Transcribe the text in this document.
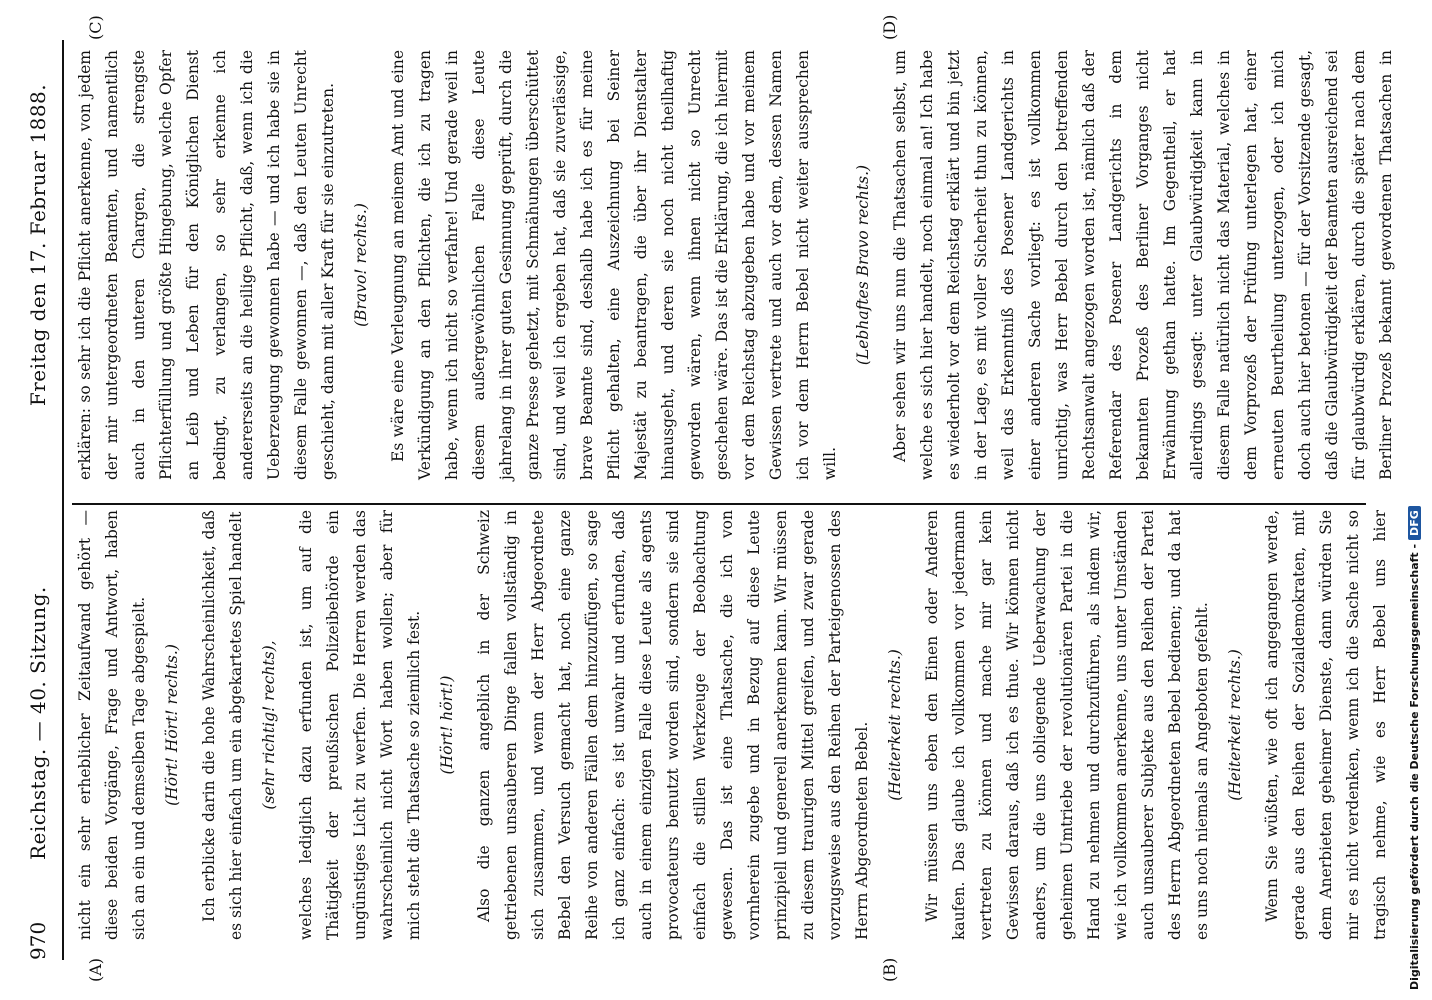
970
Reichstag. — 40. Sitzung.
Freitag den 17. Februar 1888.
(A)	(B)
(C)	(D)

nicht ein sehr erheblicher Zeitaufwand gehört — diese beiden Vorgänge, Frage und Antwort, haben sich an ein und demselben Tage abgespielt. (Hört! Hört! rechts.)	Ich erblicke darin die hohe Wahrscheinlichkeit, daß es sich hier einfach um ein abgekartetes Spiel handelt (sehr richtig! rechts),	welches lediglich dazu erfunden ist, um auf die Thätigkeit der preußischen Polizeibehörde ein ungünstiges Licht zu werfen. Die Herren werden das wahrscheinlich nicht Wort haben wollen; aber für mich steht die Thatsache so ziemlich fest. (Hört! hört!)	Also die ganzen angeblich in der Schweiz getriebenen unsauberen Dinge fallen vollständig in sich zusammen, und wenn der Herr Abgeordnete Bebel den Versuch gemacht hat, noch eine ganze Reihe von anderen Fällen dem hinzuzufügen, so sage ich ganz einfach: es ist unwahr und erfunden, daß auch in einem einzigen Falle diese Leute als agents provocateurs benutzt worden sind, sondern sie sind einfach die stillen Werkzeuge der Beobachtung gewesen. Das ist eine Thatsache, die ich von vornherein zugebe und in Bezug auf diese Leute prinzipiell und generell anerkennen kann. Wir müssen zu diesem traurigen Mittel greifen, und zwar gerade vorzugsweise aus den Reihen der Parteigenossen des Herrn Abgeordneten Bebel. (Heiterkeit rechts.)	Wir müssen uns eben den Einen oder Anderen kaufen. Das glaube ich vollkommen vor jedermann vertreten zu können und mache mir gar kein Gewissen daraus, daß ich es thue. Wir können nicht anders, um die uns obliegende Ueberwachung der geheimen Umtriebe der revolutionären Partei in die Hand zu nehmen und durchzuführen, als indem wir, wie ich vollkommen anerkenne, uns unter Umständen auch unsauberer Subjekte aus den Reihen der Partei des Herrn Abgeordneten Bebel bedienen; und da hat es uns noch niemals an Angeboten gefehlt. (Heiterkeit rechts.)

Wenn Sie wüßten, wie oft ich angegangen werde, gerade aus den Reihen der Sozialdemokraten, mit dem Anerbieten geheimer Dienste, dann würden Sie mir es nicht verdenken, wenn ich die Sache nicht so tragisch nehme, wie es Herr Bebel uns hier

erklären: so sehr ich die Pflicht anerkenne, von jedem der mir untergeordneten Beamten, und namentlich auch in den unteren Chargen, die strengste Pflichterfüllung und größte Hingebung, welche Opfer an Leib und Leben für den Königlichen Dienst bedingt, zu verlangen, so sehr erkenne ich andererseits an die heilige Pflicht, daß, wenn ich die Ueberzeugung gewonnen habe — und ich habe sie in diesem Falle gewonnen —, daß den Leuten Unrecht geschieht, dann mit aller Kraft für sie einzutreten. (Bravo! rechts.)	Es wäre eine Verleugnung an meinem Amt und eine Verkündigung an den Pflichten, die ich zu tragen habe, wenn ich nicht so verfahre! Und gerade weil in diesem außergewöhnlichen Falle diese Leute jahrelang in ihrer guten Gesinnung geprüft, durch die ganze Presse gehetzt, mit Schmähungen überschüttet sind, und weil ich ergeben hat, daß sie zuverlässige, brave Beamte sind, deshalb habe ich es für meine Pflicht gehalten, eine Auszeichnung bei Seiner Majestät zu beantragen, die über ihr Dienstalter hinausgeht, und deren sie noch nicht theilhaftig geworden wären, wenn ihnen nicht so Unrecht geschehen wäre. Das ist die Erklärung, die ich hiermit vor dem Reichstag abzugeben habe und vor meinem Gewissen vertrete und auch vor dem, dessen Namen ich vor dem Herrn Bebel nicht weiter aussprechen will.

(Lebhaftes Bravo rechts.)

Aber sehen wir uns nun die Thatsachen selbst, um welche es sich hier handelt, noch einmal an! Ich habe es wiederholt vor dem Reichstag erklärt und bin jetzt in der Lage, es mit voller Sicherheit thun zu können, weil das Erkenntniß des Posener Landgerichts in einer anderen Sache vorliegt: es ist vollkommen unrichtig, was Herr Bebel durch den betreffenden Rechtsanwalt angezogen worden ist, nämlich daß der Referendar des Posener Landgerichts in dem bekannten Prozeß des Berliner Vorganges nicht Erwähnung gethan hatte. Im Gegentheil, er hat allerdings gesagt: unter Glaubwürdigkeit kann in diesem Falle natürlich nicht das Material, welches in dem Vorprozeß der Prüfung unterlegen hat, einer erneuten Beurtheilung unterzogen, oder ich mich doch auch hier betonen — für der Vorsitzende gesagt, daß die Glaubwürdigkeit der Beamten ausreichend sei für glaubwürdig erklären, durch die später nach dem Berliner Prozeß bekannt gewordenen Thatsachen in

Digitalisierung gefördert durch die Deutsche Forschungsgemeinschaft -DFG
